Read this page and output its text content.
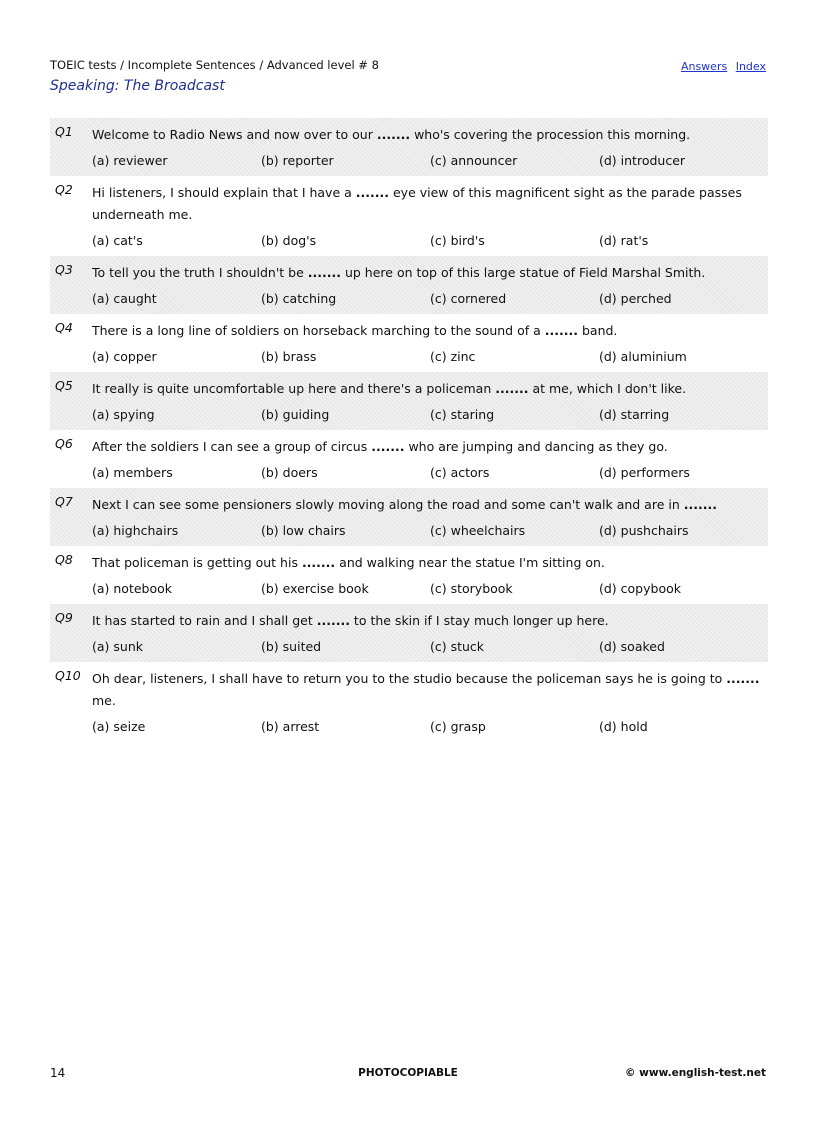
TOEIC tests / Incomplete Sentences / Advanced level # 8
Speaking: The Broadcast
Answers Index
Q1 Welcome to Radio News and now over to our ....... who's covering the procession this morning.
(a) reviewer	(b) reporter	(c) announcer	(d) introducer
Q2 Hi listeners, I should explain that I have a ....... eye view of this magnificent sight as the parade passes underneath me.
(a) cat's	(b) dog's	(c) bird's	(d) rat's
Q3 To tell you the truth I shouldn't be ....... up here on top of this large statue of Field Marshal Smith.
(a) caught	(b) catching	(c) cornered	(d) perched
Q4 There is a long line of soldiers on horseback marching to the sound of a ....... band.
(a) copper	(b) brass	(c) zinc	(d) aluminium
Q5 It really is quite uncomfortable up here and there's a policeman ....... at me, which I don't like.
(a) spying	(b) guiding	(c) staring	(d) starring
Q6 After the soldiers I can see a group of circus ....... who are jumping and dancing as they go.
(a) members	(b) doers	(c) actors	(d) performers
Q7 Next I can see some pensioners slowly moving along the road and some can't walk and are in .......
(a) highchairs	(b) low chairs	(c) wheelchairs	(d) pushchairs
Q8 That policeman is getting out his ....... and walking near the statue I'm sitting on.
(a) notebook	(b) exercise book	(c) storybook	(d) copybook
Q9 It has started to rain and I shall get ....... to the skin if I stay much longer up here.
(a) sunk	(b) suited	(c) stuck	(d) soaked
Q10 Oh dear, listeners, I shall have to return you to the studio because the policeman says he is going to ....... me.
(a) seize	(b) arrest	(c) grasp	(d) hold
14	PHOTOCOPIABLE	© www.english-test.net
